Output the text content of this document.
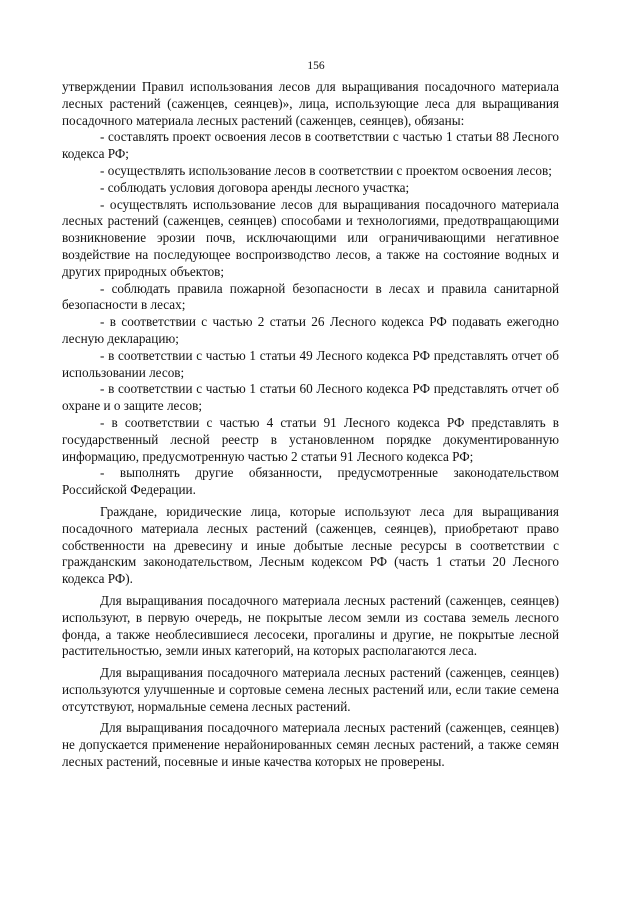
156

утверждении Правил использования лесов для выращивания посадочного материала лесных растений (саженцев, сеянцев)», лица, использующие леса для выращивания посадочного материала лесных растений (саженцев, сеянцев), обязаны:

- составлять проект освоения лесов в соответствии с частью 1 статьи 88 Лесного кодекса РФ;

- осуществлять использование лесов в соответствии с проектом освоения лесов;

- соблюдать условия договора аренды лесного участка;

- осуществлять использование лесов для выращивания посадочного материала лесных растений (саженцев, сеянцев) способами и технологиями, предотвращающими возникновение эрозии почв, исключающими или ограничивающими негативное воздействие на последующее воспроизводство лесов, а также на состояние водных и других природных объектов;

- соблюдать правила пожарной безопасности в лесах и правила санитарной безопасности в лесах;

- в соответствии с частью 2 статьи 26 Лесного кодекса РФ подавать ежегодно лесную декларацию;

- в соответствии с частью 1 статьи 49 Лесного кодекса РФ представлять отчет об использовании лесов;

- в соответствии с частью 1 статьи 60 Лесного кодекса РФ представлять отчет об охране и о защите лесов;

- в соответствии с частью 4 статьи 91 Лесного кодекса РФ представлять в государственный лесной реестр в установленном порядке документированную информацию, предусмотренную частью 2 статьи 91 Лесного кодекса РФ;

- выполнять другие обязанности, предусмотренные законодательством Российской Федерации.

Граждане, юридические лица, которые используют леса для выращивания посадочного материала лесных растений (саженцев, сеянцев), приобретают право собственности на древесину и иные добытые лесные ресурсы в соответствии с гражданским законодательством, Лесным кодексом РФ (часть 1 статьи 20 Лесного кодекса РФ).

Для выращивания посадочного материала лесных растений (саженцев, сеянцев) используют, в первую очередь, не покрытые лесом земли из состава земель лесного фонда, а также необлесившиеся лесосеки, прогалины и другие, не покрытые лесной растительностью, земли иных категорий, на которых располагаются леса.

Для выращивания посадочного материала лесных растений (саженцев, сеянцев) используются улучшенные и сортовые семена лесных растений или, если такие семена отсутствуют, нормальные семена лесных растений.

Для выращивания посадочного материала лесных растений (саженцев, сеянцев) не допускается применение нерайонированных семян лесных растений, а также семян лесных растений, посевные и иные качества которых не проверены.
